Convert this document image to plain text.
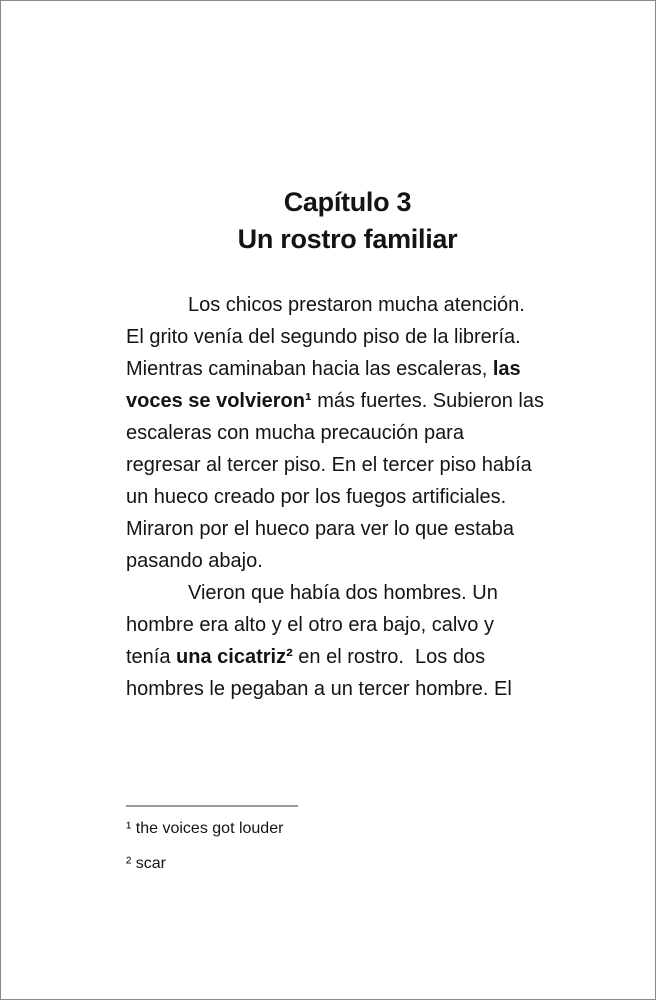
Capítulo 3
Un rostro familiar
Los chicos prestaron mucha atención.
El grito venía del segundo piso de la librería.
Mientras caminaban hacia las escaleras, las
voces se volvieron¹ más fuertes. Subieron las
escaleras con mucha precaución para
regresar al tercer piso. En el tercer piso había
un hueco creado por los fuegos artificiales.
Miraron por el hueco para ver lo que estaba
pasando abajo.
Vieron que había dos hombres. Un
hombre era alto y el otro era bajo, calvo y
tenía una cicatriz² en el rostro.  Los dos
hombres le pegaban a un tercer hombre. El
¹ the voices got louder
² scar
